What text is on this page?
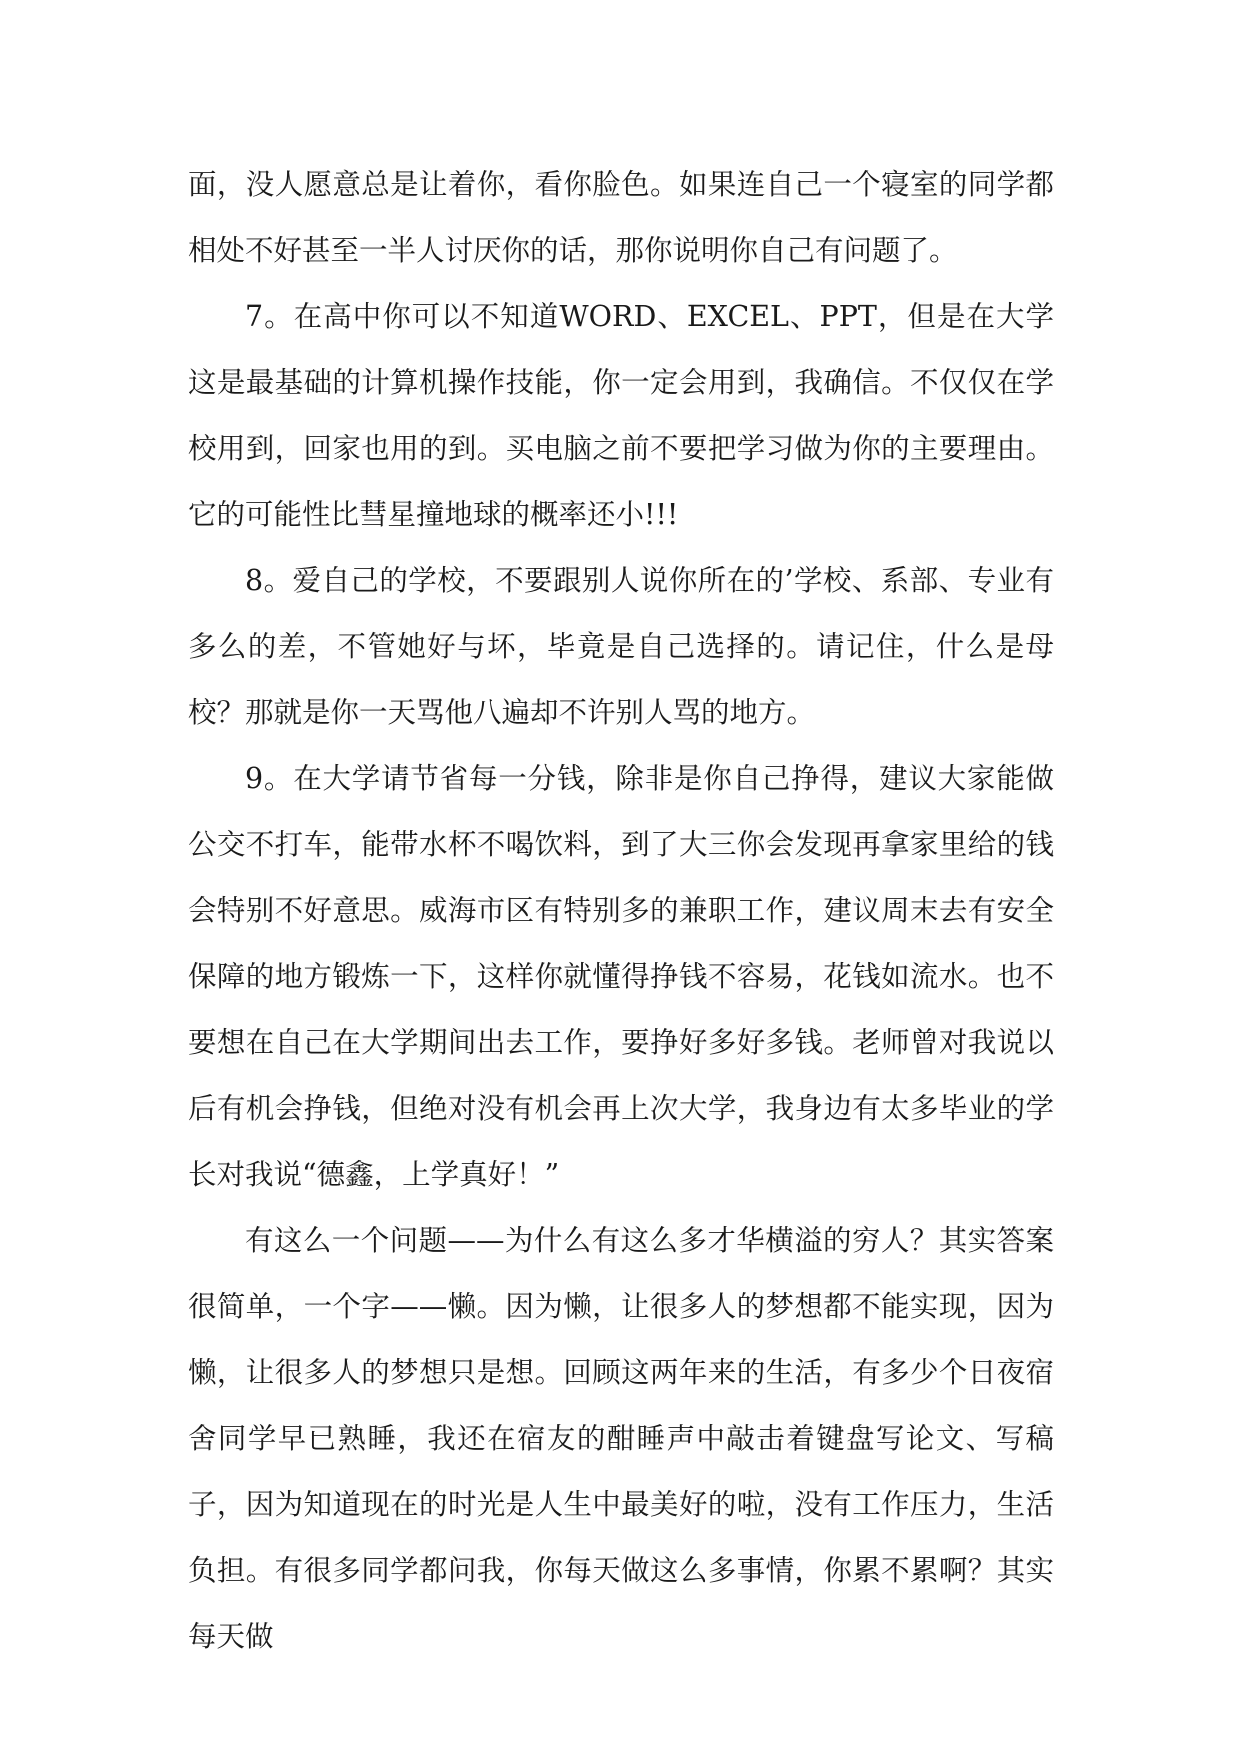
面，没人愿意总是让着你，看你脸色。如果连自己一个寝室的同学都相处不好甚至一半人讨厌你的话，那你说明你自己有问题了。

7。在高中你可以不知道WORD、EXCEL、PPT，但是在大学这是最基础的计算机操作技能，你一定会用到，我确信。不仅仅在学校用到，回家也用的到。买电脑之前不要把学习做为你的主要理由。它的可能性比彗星撞地球的概率还小!!!

8。爱自己的学校，不要跟别人说你所在的’学校、系部、专业有多么的差，不管她好与坏，毕竟是自己选择的。请记住，什么是母校？那就是你一天骂他八遍却不许别人骂的地方。

9。在大学请节省每一分钱，除非是你自己挣得，建议大家能做公交不打车，能带水杯不喝饮料，到了大三你会发现再拿家里给的钱会特别不好意思。威海市区有特别多的兼职工作，建议周末去有安全保障的地方锻炼一下，这样你就懂得挣钱不容易，花钱如流水。也不要想在自己在大学期间出去工作，要挣好多好多钱。老师曾对我说以后有机会挣钱，但绝对没有机会再上次大学，我身边有太多毕业的学长对我说“德鑫，上学真好！”

有这么一个问题——为什么有这么多才华横溢的穷人？其实答案很简单，一个字——懒。因为懒，让很多人的梦想都不能实现，因为懒，让很多人的梦想只是想。回顾这两年来的生活，有多少个日夜宿舍同学早已熟睡，我还在宿友的酣睡声中敲击着键盘写论文、写稿子，因为知道现在的时光是人生中最美好的啦，没有工作压力，生活负担。有很多同学都问我，你每天做这么多事情，你累不累啊？其实每天做
